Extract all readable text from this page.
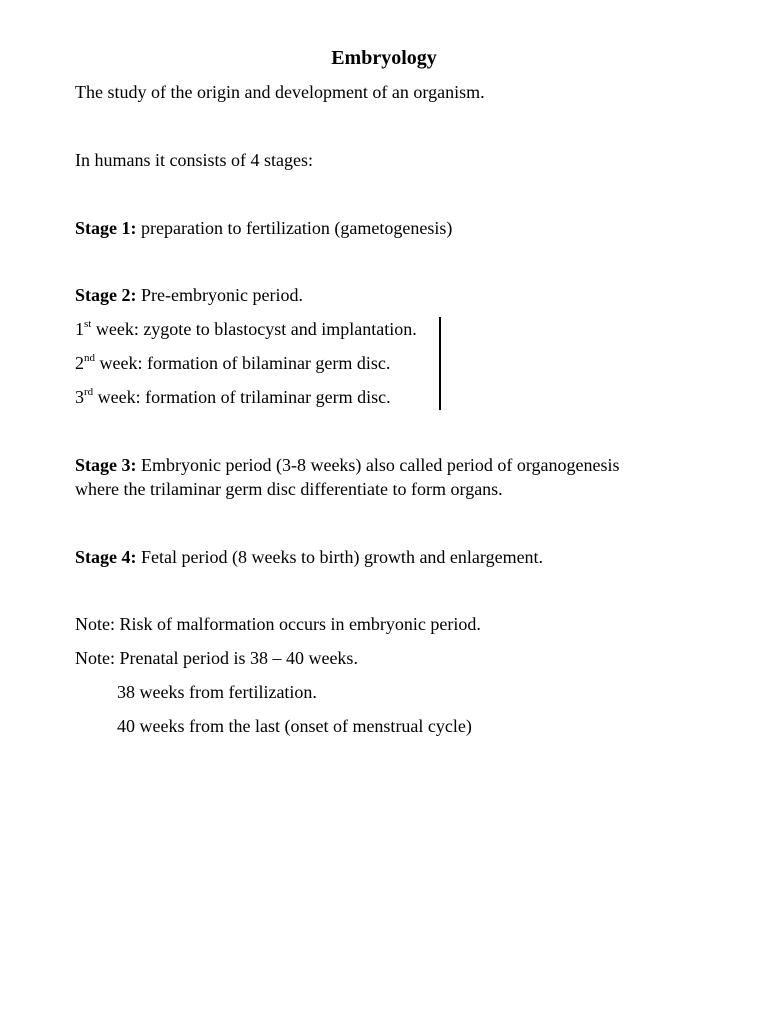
Embryology
The study of the origin and development of an organism.
In humans it consists of 4 stages:
Stage 1: preparation to fertilization (gametogenesis)
Stage 2: Pre-embryonic period.
1st week: zygote to blastocyst and implantation.
2nd week: formation of bilaminar germ disc.
3rd week: formation of trilaminar germ disc.
Stage 3: Embryonic period (3-8 weeks) also called period of organogenesis
where the trilaminar germ disc differentiate to form organs.
Stage 4: Fetal period (8 weeks to birth) growth and enlargement.
Note: Risk of malformation occurs in embryonic period.
Note: Prenatal period is 38 – 40 weeks.
38 weeks from fertilization.
40 weeks from the last (onset of menstrual cycle)
